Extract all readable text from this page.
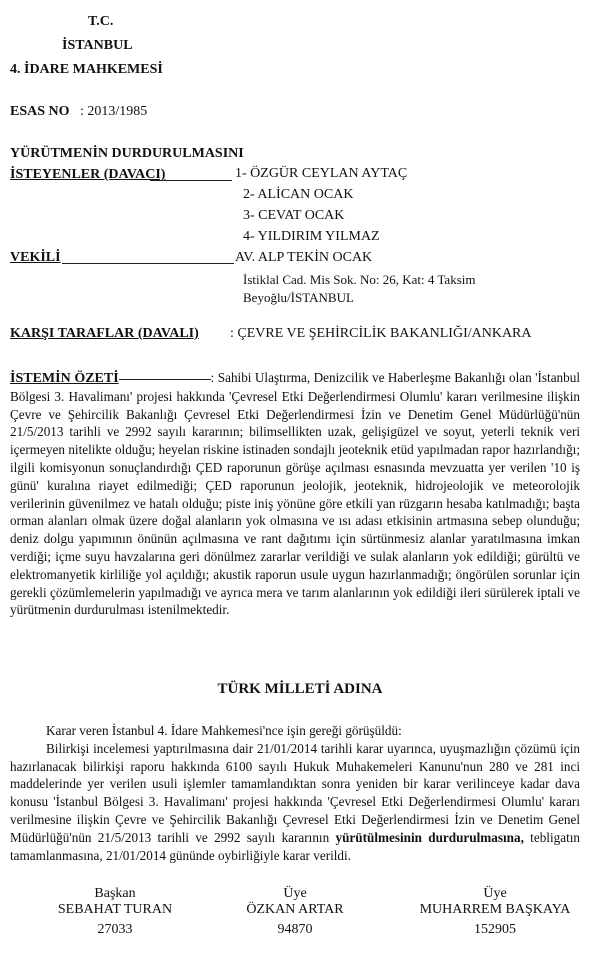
T.C.
İSTANBUL
4. İDARE MAHKEMESİ
ESAS NO : 2013/1985
YÜRÜTMENİN DURDURULMASINI
İSTEYENLER (DAVACI)	1- ÖZGÜR CEYLAN AYTAÇ
2- ALİCAN OCAK
3- CEVAT OCAK
4- YILDIRIM YILMAZ
VEKİLİ	AV. ALP TEKİN OCAK
İstiklal Cad. Mis Sok. No: 26, Kat: 4 Taksim
Beyoğlu/İSTANBUL
KARŞI TARAFLAR (DAVALI) : ÇEVRE VE ŞEHİRCİLİK BAKANLIĞI/ANKARA

İSTEMİN ÖZETİ	: Sahibi Ulaştırma, Denizcilik ve Haberleşme Bakanlığı olan 'İstanbul Bölgesi 3. Havalimanı' projesi hakkında 'Çevresel Etki Değerlendirmesi Olumlu' kararı verilmesine ilişkin Çevre ve Şehircilik Bakanlığı Çevresel Etki Değerlendirmesi İzin ve Denetim Genel Müdürlüğü'nün 21/5/2013 tarihli ve 2992 sayılı kararının; bilimsellikten uzak, gelişigüzel ve soyut, yeterli teknik veri içermeyen nitelikte olduğu; heyelan riskine istinaden sondajlı jeoteknik etüd yapılmadan rapor hazırlandığı; ilgili komisyonun sonuçlandırdığı ÇED raporunun görüşe açılması esnasında mevzuatta yer verilen '10 iş günü' kuralına riayet edilmediği; ÇED raporunun jeolojik, jeoteknik, hidrojeolojik ve meteorolojik verilerinin güvenilmez ve hatalı olduğu; piste iniş yönüne göre etkili yan rüzgarın hesaba katılmadığı; başta orman alanları olmak üzere doğal alanların yok olmasına ve ısı adası etkisinin artmasına sebep olunduğu; deniz dolgu yapımının önünün açılmasına ve rant dağıtımı için sürtünmesiz alanlar yaratılmasına imkan verdiği; içme suyu havzalarına geri dönülmez zararlar verildiği ve sulak alanların yok edildiği; gürültü ve elektromanyetik kirliliğe yol açıldığı; akustik raporun usule uygun hazırlanmadığı; öngörülen sorunlar için gerekli çözümlemelerin yapılmadığı ve ayrıca mera ve tarım alanlarının yok edildiği ileri sürülerek iptali ve yürütmenin durdurulması istenilmektedir.

TÜRK MİLLETİ ADINA

Karar veren İstanbul 4. İdare Mahkemesi'nce işin gereği görüşüldü:

Bilirkişi incelemesi yaptırılmasına dair 21/01/2014 tarihli karar uyarınca, uyuşmazlığın çözümü için hazırlanacak bilirkişi raporu hakkında 6100 sayılı Hukuk Muhakemeleri Kanunu'nun 280 ve 281 inci maddelerinde yer verilen usuli işlemler tamamlandıktan sonra yeniden bir karar verilinceye kadar dava konusu 'İstanbul Bölgesi 3. Havalimanı' projesi hakkında 'Çevresel Etki Değerlendirmesi Olumlu' kararı verilmesine ilişkin Çevre ve Şehircilik Bakanlığı Çevresel Etki Değerlendirmesi İzin ve Denetim Genel Müdürlüğü'nün 21/5/2013 tarihli ve 2992 sayılı kararının yürütülmesinin durdurulmasına, tebligatın tamamlanmasına, 21/01/2014 gününde oybirliğiyle karar verildi.

Başkan
SEBAHAT TURAN
27033
Üye
ÖZKAN ARTAR
94870
Üye
MUHARREM BAŞKAYA
152905
